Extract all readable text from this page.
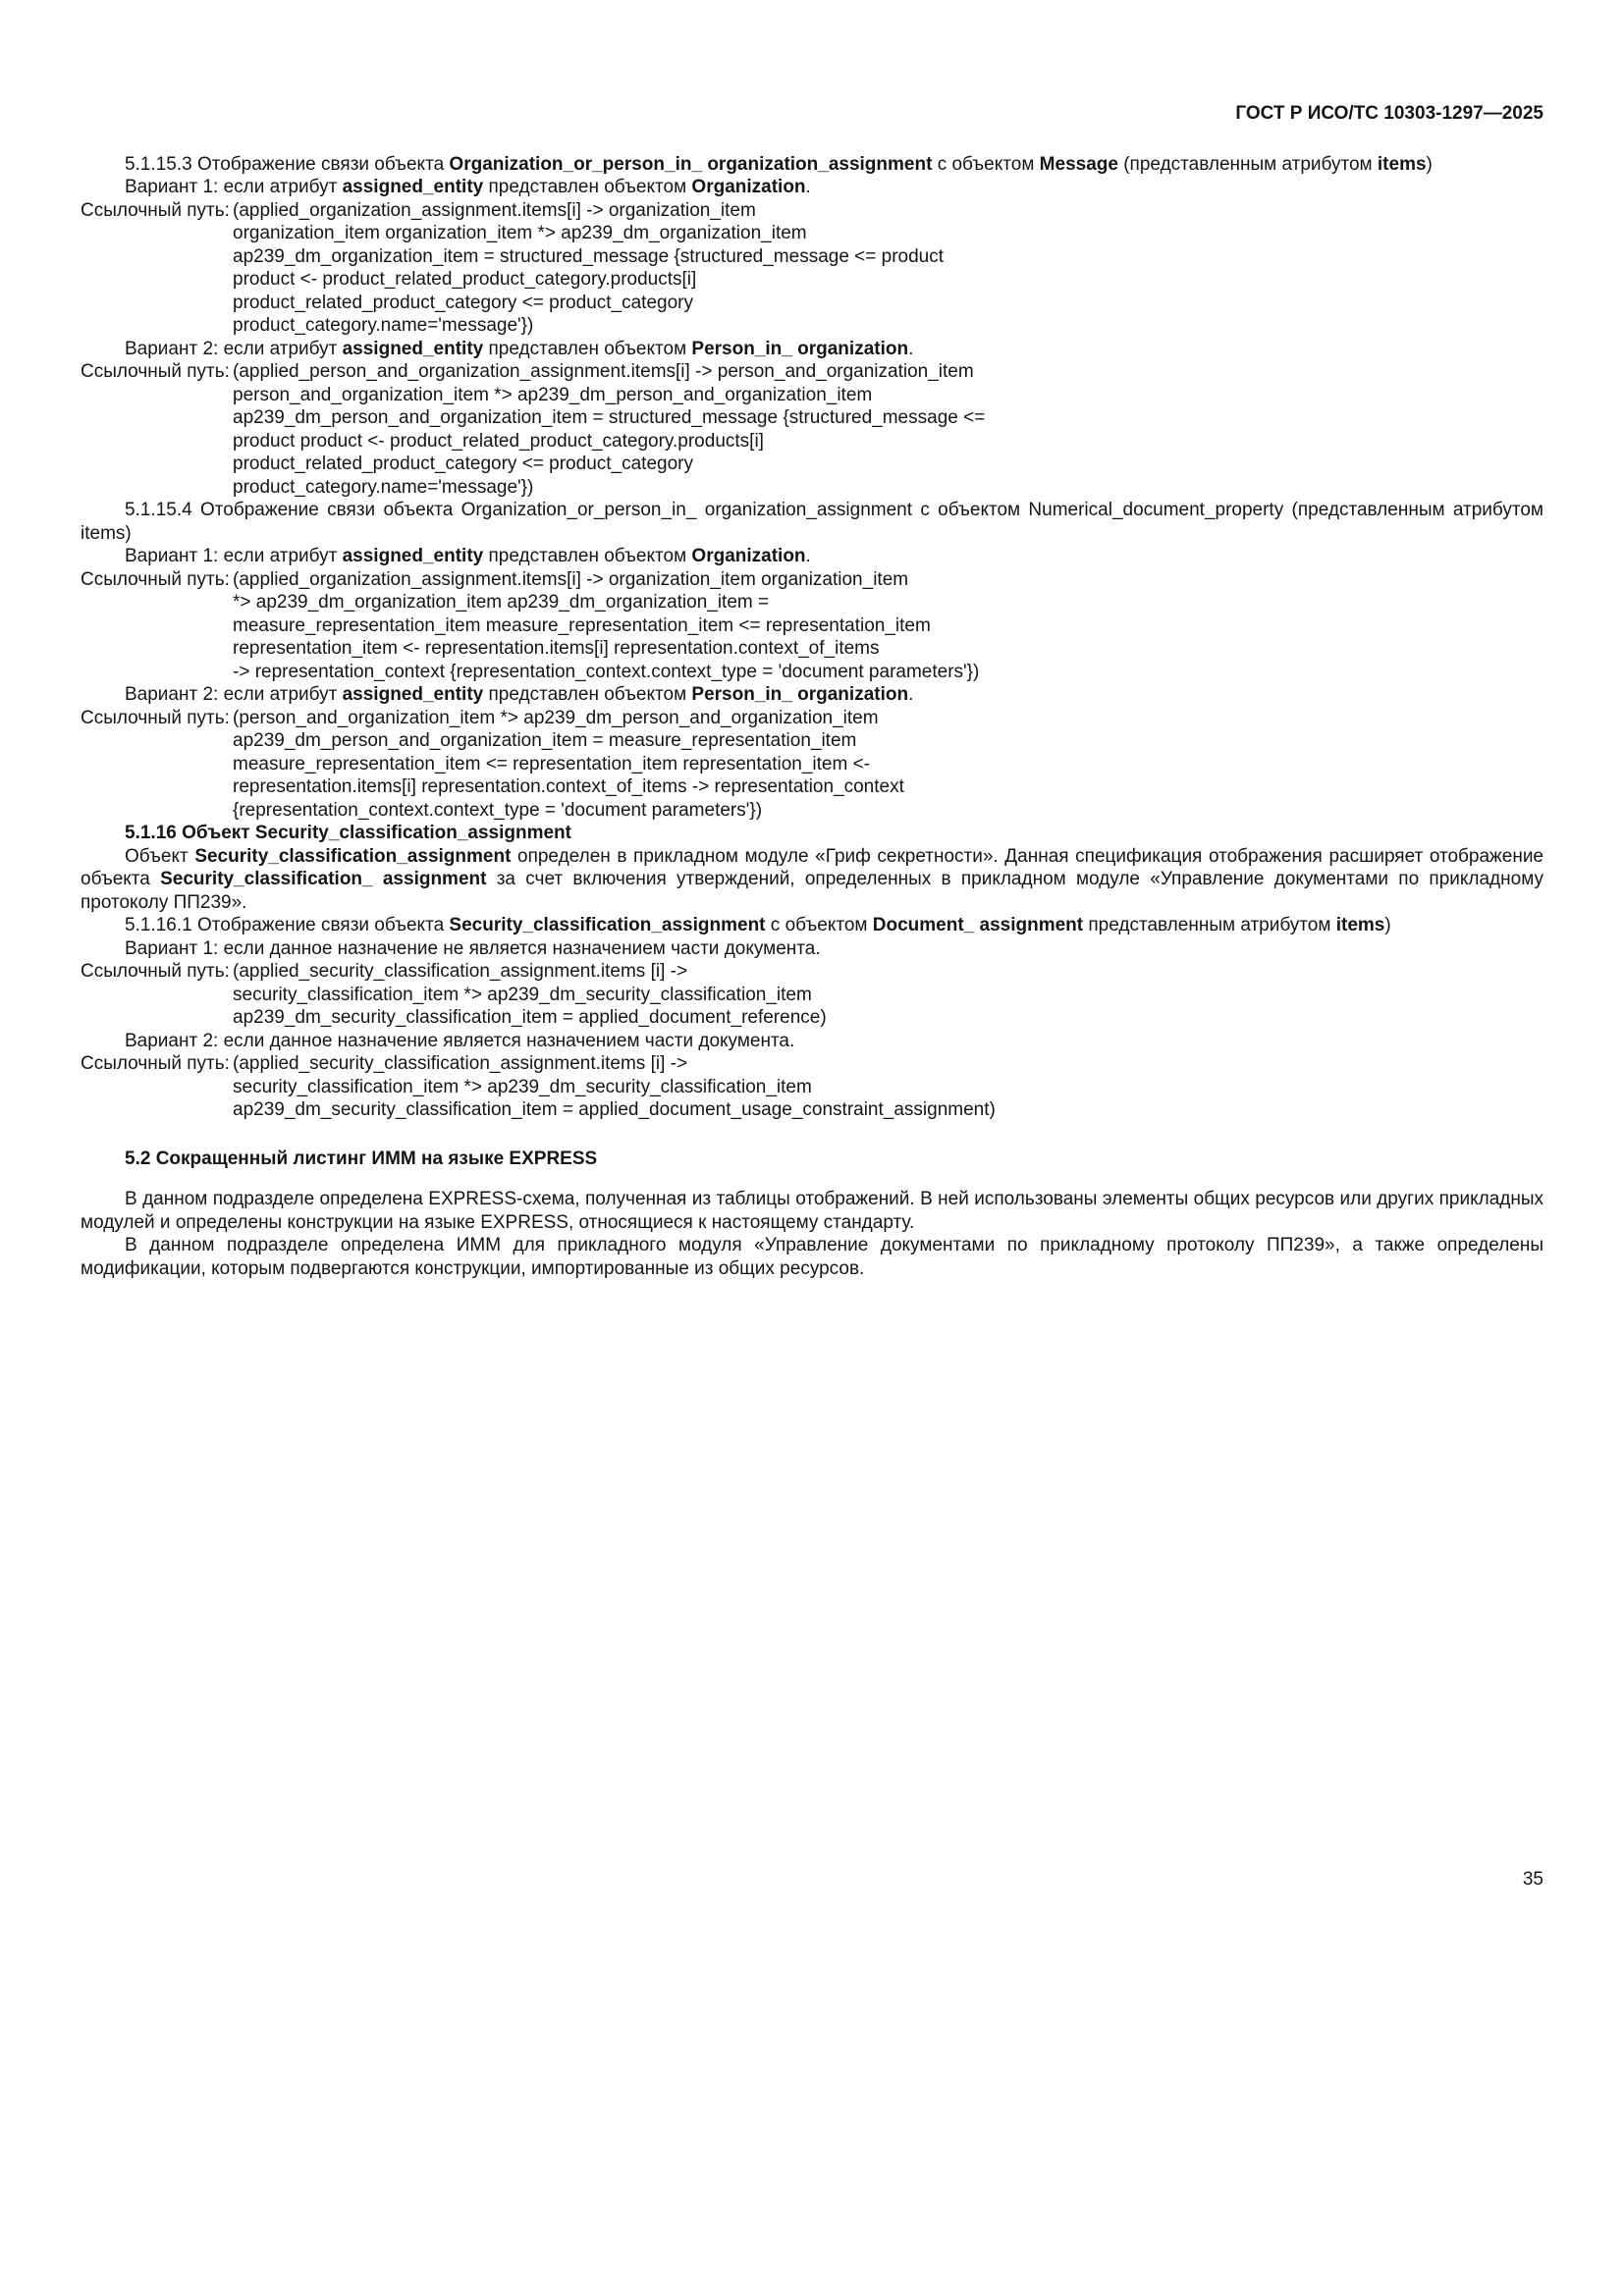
ГОСТ Р ИСО/ТС 10303-1297—2025

5.1.15.3 Отображение связи объекта Organization_or_person_in_ organization_assignment с объектом Message (представленным атрибутом items)

Вариант 1: если атрибут assigned_entity представлен объектом Organization.

Ссылочный путь: (applied_organization_assignment.items[i] -> organization_item
organization_item organization_item *> ap239_dm_organization_item
ap239_dm_organization_item = structured_message {structured_message <= product
product <- product_related_product_category.products[i]
product_related_product_category <= product_category
product_category.name='message'})

Вариант 2: если атрибут assigned_entity представлен объектом Person_in_ organization.

Ссылочный путь: (applied_person_and_organization_assignment.items[i] -> person_and_organization_item
person_and_organization_item *> ap239_dm_person_and_organization_item
ap239_dm_person_and_organization_item = structured_message {structured_message <=
product product <- product_related_product_category.products[i]
product_related_product_category <= product_category
product_category.name='message'})

5.1.15.4 Отображение связи объекта Organization_or_person_in_ organization_assignment с объектом Numerical_document_property (представленным атрибутом items)

Вариант 1: если атрибут assigned_entity представлен объектом Organization.

Ссылочный путь: (applied_organization_assignment.items[i] -> organization_item organization_item
*> ap239_dm_organization_item ap239_dm_organization_item =
measure_representation_item measure_representation_item <= representation_item
representation_item <- representation.items[i] representation.context_of_items
-> representation_context {representation_context.context_type = 'document parameters'})

Вариант 2: если атрибут assigned_entity представлен объектом Person_in_ organization.

Ссылочный путь: (person_and_organization_item *> ap239_dm_person_and_organization_item
ap239_dm_person_and_organization_item = measure_representation_item
measure_representation_item <= representation_item representation_item <-
representation.items[i] representation.context_of_items -> representation_context
{representation_context.context_type = 'document parameters'})

5.1.16 Объект Security_classification_assignment

Объект Security_classification_assignment определен в прикладном модуле «Гриф секретности». Данная спецификация отображения расширяет отображение объекта Security_classification_ assignment за счет включения утверждений, определенных в прикладном модуле «Управление документами по прикладному протоколу ПП239».

5.1.16.1 Отображение связи объекта Security_classification_assignment с объектом Document_ assignment представленным атрибутом items)

Вариант 1: если данное назначение не является назначением части документа.

Ссылочный путь: (applied_security_classification_assignment.items [i] ->
security_classification_item *> ap239_dm_security_classification_item
ap239_dm_security_classification_item = applied_document_reference)

Вариант 2: если данное назначение является назначением части документа.

Ссылочный путь: (applied_security_classification_assignment.items [i] ->
security_classification_item *> ap239_dm_security_classification_item
ap239_dm_security_classification_item = applied_document_usage_constraint_assignment)

5.2 Сокращенный листинг ИММ на языке EXPRESS

В данном подразделе определена EXPRESS-схема, полученная из таблицы отображений. В ней использованы элементы общих ресурсов или других прикладных модулей и определены конструкции на языке EXPRESS, относящиеся к настоящему стандарту.

В данном подразделе определена ИММ для прикладного модуля «Управление документами по прикладному протоколу ПП239», а также определены модификации, которым подвергаются конструкции, импортированные из общих ресурсов.

35
